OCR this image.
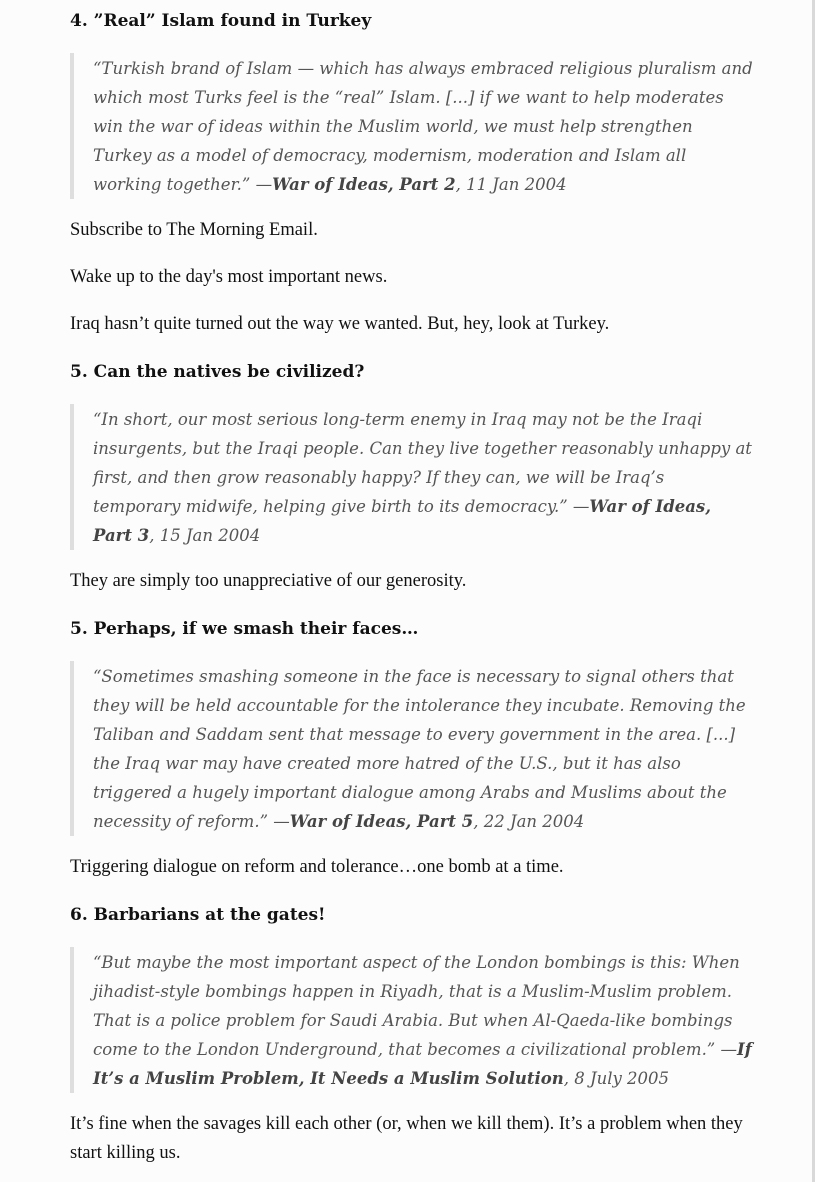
4. ”Real” Islam found in Turkey
“Turkish brand of Islam — which has always embraced religious pluralism and which most Turks feel is the “real” Islam. [...] if we want to help moderates win the war of ideas within the Muslim world, we must help strengthen Turkey as a model of democracy, modernism, moderation and Islam all working together.” —War of Ideas, Part 2, 11 Jan 2004

Subscribe to The Morning Email.

Wake up to the day's most important news.

Iraq hasn’t quite turned out the way we wanted. But, hey, look at Turkey.

5. Can the natives be civilized?
“In short, our most serious long-term enemy in Iraq may not be the Iraqi insurgents, but the Iraqi people. Can they live together reasonably unhappy at first, and then grow reasonably happy? If they can, we will be Iraq’s temporary midwife, helping give birth to its democracy.” —War of Ideas, Part 3, 15 Jan 2004

They are simply too unappreciative of our generosity.

5. Perhaps, if we smash their faces…
“Sometimes smashing someone in the face is necessary to signal others that they will be held accountable for the intolerance they incubate. Removing the Taliban and Saddam sent that message to every government in the area. [...] the Iraq war may have created more hatred of the U.S., but it has also triggered a hugely important dialogue among Arabs and Muslims about the necessity of reform.” —War of Ideas, Part 5, 22 Jan 2004

Triggering dialogue on reform and tolerance…one bomb at a time.

6. Barbarians at the gates!
“But maybe the most important aspect of the London bombings is this: When jihadist-style bombings happen in Riyadh, that is a Muslim-Muslim problem. That is a police problem for Saudi Arabia. But when Al-Qaeda-like bombings come to the London Underground, that becomes a civilizational problem.” —If It’s a Muslim Problem, It Needs a Muslim Solution, 8 July 2005

It’s fine when the savages kill each other (or, when we kill them). It’s a problem when they start killing us.
